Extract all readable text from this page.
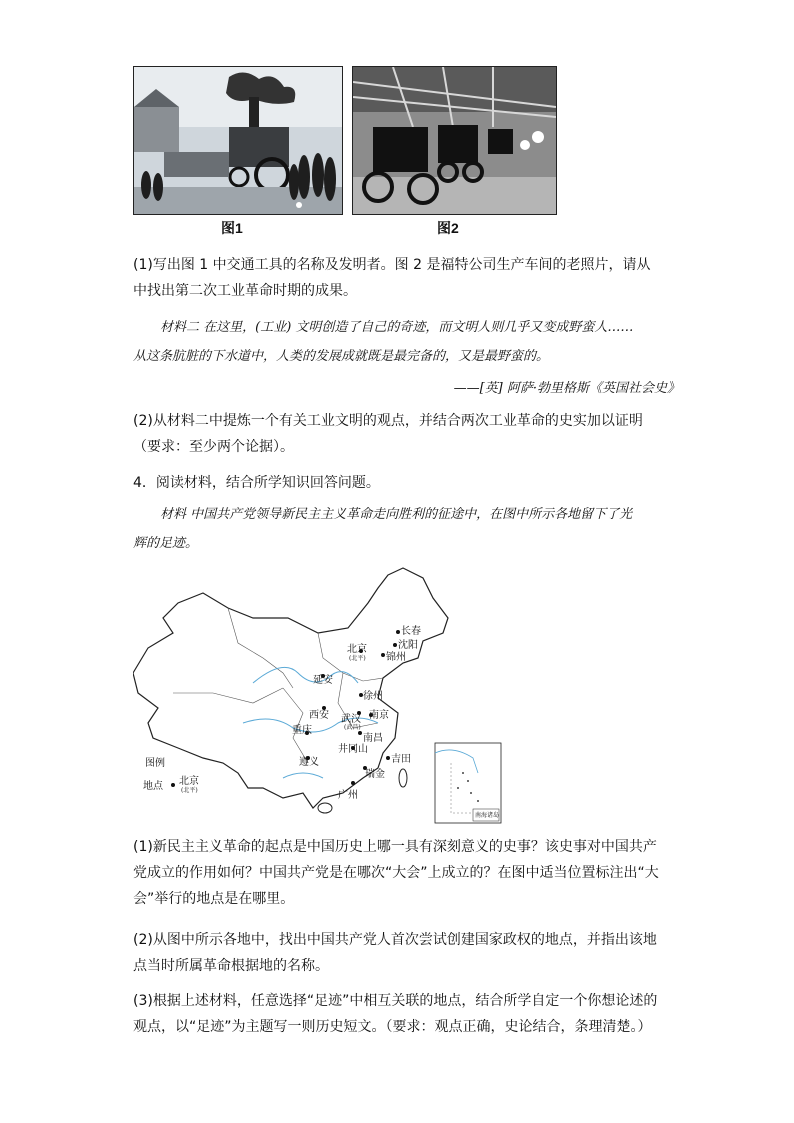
图1	图2
(1)写出图 1 中交通工具的名称及发明者。图 2 是福特公司生产车间的老照片，请从中找出第二次工业革命时期的成果。
材料二 在这里，(工业) 文明创造了自己的奇迹，而文明人则几乎又变成野蛮人……
从这条肮脏的下水道中，人类的发展成就既是最完备的，又是最野蛮的。
——[英] 阿萨·勃里格斯《英国社会史》
(2)从材料二中提炼一个有关工业文明的观点，并结合两次工业革命的史实加以证明（要求：至少两个论据）。
4．阅读材料，结合所学知识回答问题。
材料 中国共产党领导新民主主义革命走向胜利的征途中，在图中所示各地留下了光
辉的足迹。
长春
沈阳
锦州
北京
(北平)
延安
徐州
西安 武汉
(武昌)
南京
南昌
重庆
井冈山
吉田
遵义
瑞金
广州
图例
地点 北京
(北平)
南海诸岛
(1)新民主主义革命的起点是中国历史上哪一具有深刻意义的史事？该史事对中国共产党成立的作用如何？中国共产党是在哪次“大会”上成立的？在图中适当位置标注出“大会”举行的地点是在哪里。
(2)从图中所示各地中，找出中国共产党人首次尝试创建国家政权的地点，并指出该地点当时所属革命根据地的名称。
(3)根据上述材料，任意选择“足迹”中相互关联的地点，结合所学自定一个你想论述的观点，以“足迹”为主题写一则历史短文。（要求：观点正确，史论结合，条理清楚。）
